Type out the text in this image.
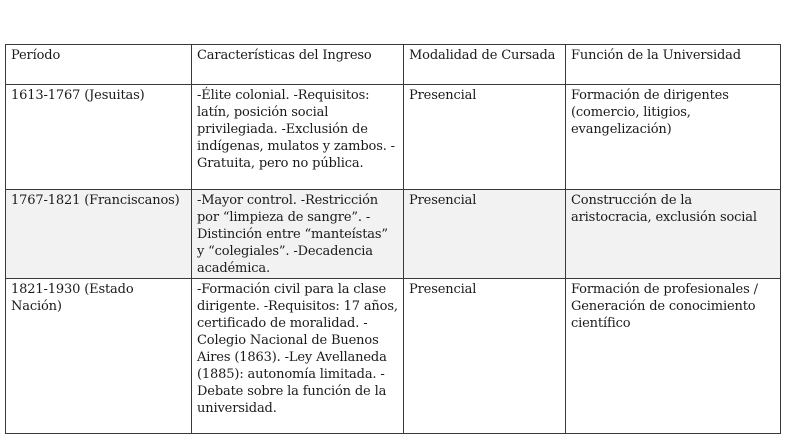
Período	Características del Ingreso	Modalidad de Cursada	Función de la Universidad
1613-1767 (Jesuitas)	-Élite colonial. -Requisitos: latín, posición social privilegiada. -Exclusión de indígenas, mulatos y zambos. -Gratuita, pero no pública.	Presencial	Formación de dirigentes (comercio, litigios, evangelización)
1767-1821 (Franciscanos)	-Mayor control. -Restricción por “limpieza de sangre”. -Distinción entre “manteístas” y “colegiales”. -Decadencia académica.	Presencial	Construcción de la aristocracia, exclusión social
1821-1930 (Estado Nación)	-Formación civil para la clase dirigente. -Requisitos: 17 años, certificado de moralidad. -Colegio Nacional de Buenos Aires (1863). -Ley Avellaneda (1885): autonomía limitada. -Debate sobre la función de la universidad.	Presencial	Formación de profesionales / Generación de conocimiento científico
